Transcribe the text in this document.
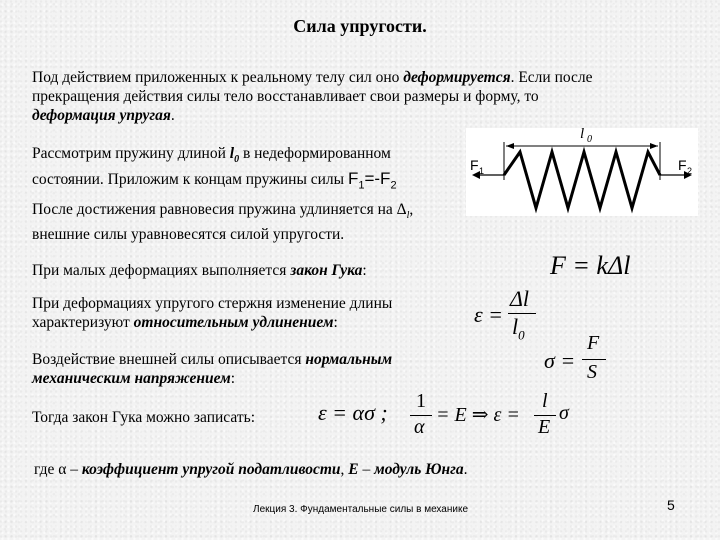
Сила упругости.
Под действием приложенных к реальному телу сил оно деформируется. Если после
прекращения действия силы тело восстанавливает свои размеры и форму, то
деформация упругая.
l 0
F 1	F 2
Рассмотрим пружину длиной $l_0$ в недеформированном
состоянии. Приложим к концам пружины силы $F_1=-F_2$
После достижения равновесия пружина удлиняется на $\Delta_l$,
внешние силы уравновесятся силой упругости.
При малых деформациях выполняется закон Гука:	F = kΔl
При деформациях упругого стержня изменение длины
характеризуют относительным удлинением:	ε =
Δl
$l_0$
Воздействие внешней силы описывается нормальным
механическим напряжением:
σ =
F
S
Тогда закон Гука можно записать:	ε = ασ ; 1
α
= E ⇒ ε =
l
E
σ
где α – коэффициент упругой податливости, E – модуль Юнга.
Лекция 3. Фундаментальные силы в механике	5
